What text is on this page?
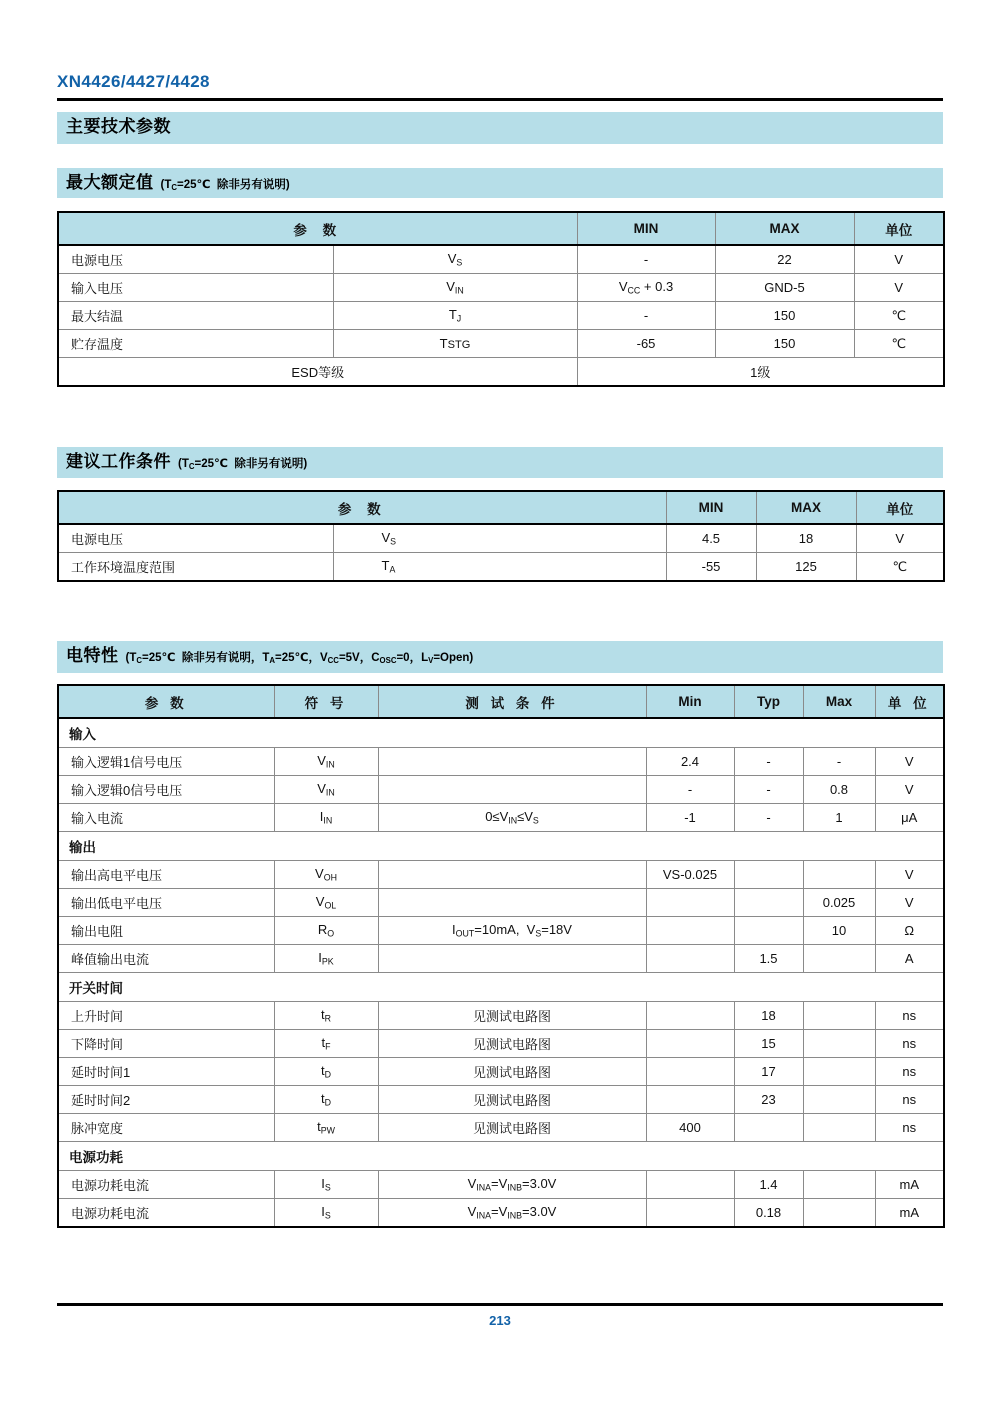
XN4426/4427/4428
主要技术参数
最大额定值 ($T_C=25℃$  除非另有说明)
参 数		MIN	MAX	单位
电源电压	$V_S$	-	22	V
输入电压	$V_{IN}$	$V_{CC} + 0.3$	GND-5	V
最大结温	$T_J$	-	150	℃
贮存温度	TSTG	-65	150	℃
ESD等级		1级		
建议工作条件 ($T_C=25℃$  除非另有说明)
参 数		MIN	MAX	单位
电源电压	$V_S$	4.5	18	V
工作环境温度范围	$T_A$	-55	125	℃
电特性 ($T_C=25℃$  除非另有说明，$T_A=25℃$，$V_{CC}=5V$，$C_{OSC}=0$，$L_V=Open$)
参 数	符 号	测 试 条 件	Min	Typ	Max	单 位
输入						
输入逻辑1信号电压	$V_{IN}$		2.4	-	-	V
输入逻辑0信号电压	$V_{IN}$		-	-	0.8	V
输入电流	$I_{IN}$	$0\le V_{IN}\le V_S$	-1	-	1	μA
输出						
输出高电平电压	$V_{OH}$		VS-0.025			V
输出低电平电压	$V_{OL}$				0.025	V
输出电阻	$R_O$	$I_{OUT}=10mA$,  $V_S=18V$			10	Ω
峰值输出电流	$I_{PK}$			1.5		A
开关时间						
上升时间	$t_R$	见测试电路图		18		ns
下降时间	$t_F$	见测试电路图		15		ns
延时时间1	$t_D$	见测试电路图		17		ns
延时时间2	$t_D$	见测试电路图		23		ns
脉冲宽度	$t_{PW}$	见测试电路图	400			ns
电源功耗						
电源功耗电流	$I_S$	$V_{INA}=V_{INB}=3.0V$		1.4		mA
电源功耗电流	$I_S$	$V_{INA}=V_{INB}=3.0V$		0.18		mA
213
